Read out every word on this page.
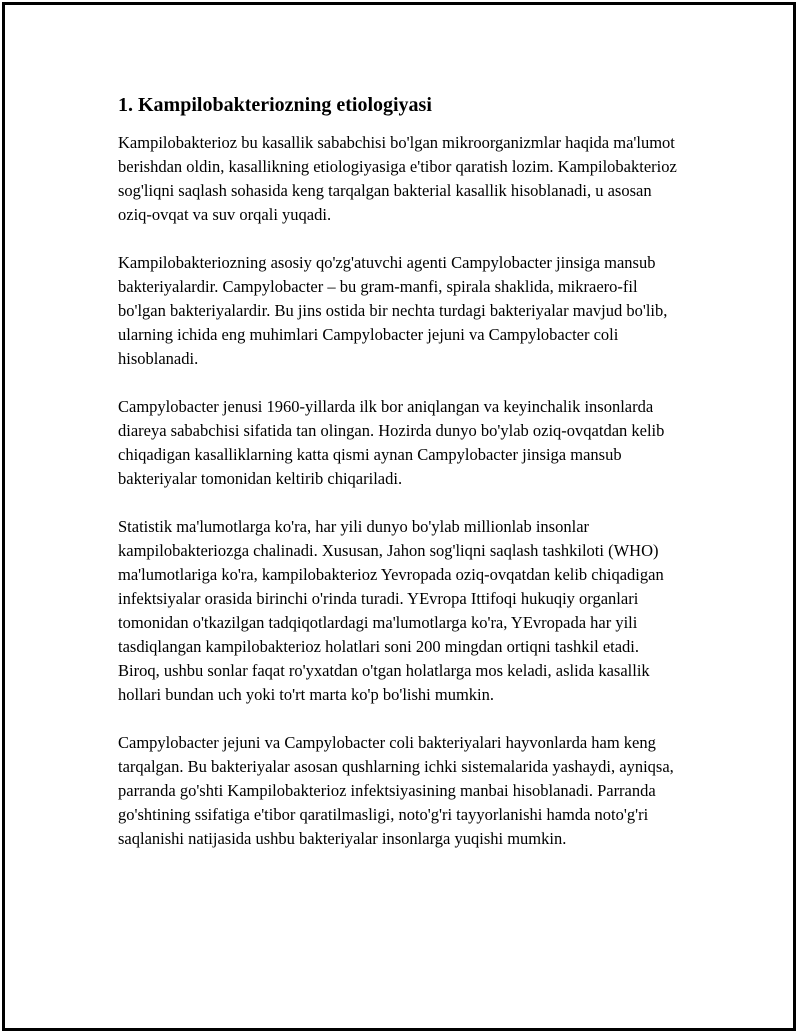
1. Kampilobakteriozning etiologiyasi

Kampilobakterioz bu kasallik sababchisi bo'lgan mikroorganizmlar haqida ma'lumot berishdan oldin, kasallikning etiologiyasiga e'tibor qaratish lozim. Kampilobakterioz sog'liqni saqlash sohasida keng tarqalgan bakterial kasallik hisoblanadi, u asosan oziq-ovqat va suv orqali yuqadi.

Kampilobakteriozning asosiy qo'zg'atuvchi agenti Campylobacter jinsiga mansub bakteriyalardir. Campylobacter – bu gram-manfi, spirala shaklida, mikraero-fil bo'lgan bakteriyalardir. Bu jins ostida bir nechta turdagi bakteriyalar mavjud bo'lib, ularning ichida eng muhimlari Campylobacter jejuni va Campylobacter coli hisoblanadi.

Campylobacter jenusi 1960-yillarda ilk bor aniqlangan va keyinchalik insonlarda diareya sababchisi sifatida tan olingan. Hozirda dunyo bo'ylab oziq-ovqatdan kelib chiqadigan kasalliklarning katta qismi aynan Campylobacter jinsiga mansub bakteriyalar tomonidan keltirib chiqariladi.

Statistik ma'lumotlarga ko'ra, har yili dunyo bo'ylab millionlab insonlar kampilobakteriozga chalinadi. Xususan, Jahon sog'liqni saqlash tashkiloti (WHO) ma'lumotlariga ko'ra, kampilobakterioz Yevropada oziq-ovqatdan kelib chiqadigan infektsiyalar orasida birinchi o'rinda turadi. YEvropa Ittifoqi hukuqiy organlari tomonidan o'tkazilgan tadqiqotlardagi ma'lumotlarga ko'ra, YEvropada har yili tasdiqlangan kampilobakterioz holatlari soni 200 mingdan ortiqni tashkil etadi. Biroq, ushbu sonlar faqat ro'yxatdan o'tgan holatlarga mos keladi, aslida kasallik hollari bundan uch yoki to'rt marta ko'p bo'lishi mumkin.

Campylobacter jejuni va Campylobacter coli bakteriyalari hayvonlarda ham keng tarqalgan. Bu bakteriyalar asosan qushlarning ichki sistemalarida yashaydi, ayniqsa, parranda go'shti Kampilobakterioz infektsiyasining manbai hisoblanadi. Parranda go'shtining ssifatiga e'tibor qaratilmasligi, noto'g'ri tayyorlanishi hamda noto'g'ri saqlanishi natijasida ushbu bakteriyalar insonlarga yuqishi mumkin.
